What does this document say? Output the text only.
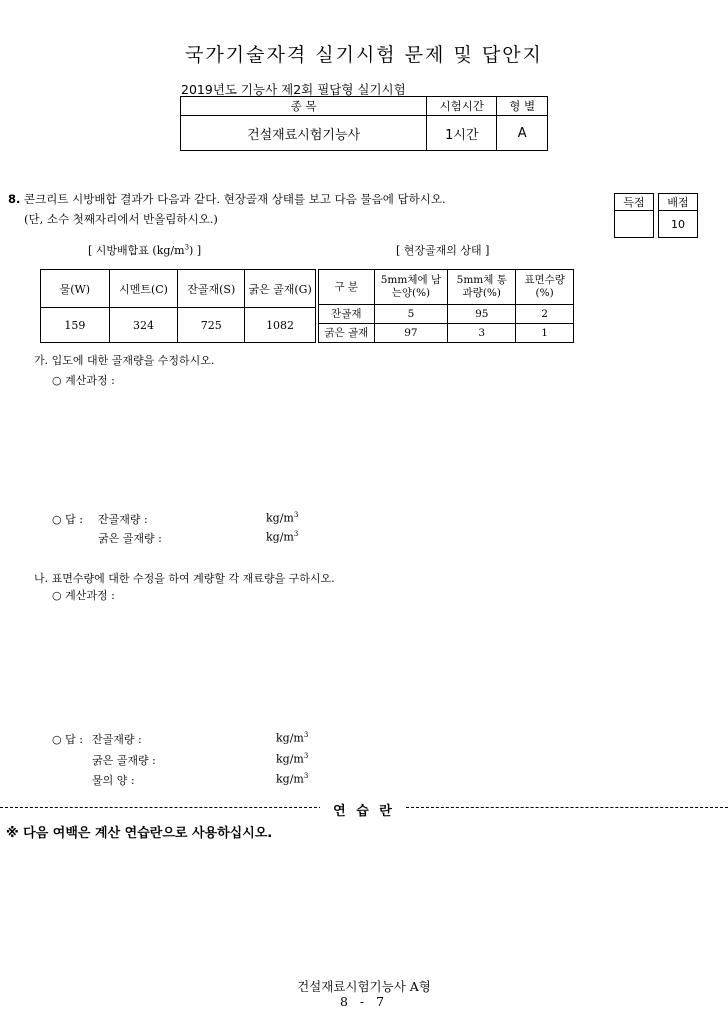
국가기술자격 실기시험 문제 및 답안지
2019년도 기능사 제2회 필답형 실기시험
종 목	시험시간	형 별
건설재료시험기능사	1시간	A
8. 콘크리트 시방배합 결과가 다음과 같다. 현장골재 상태를 보고 다음 물음에 답하시오.
(단, 소수 첫째자리에서 반올림하시오.)
득점		배점
		10
[ 시방배합표 $(kg/m^3)$ ]	[ 현장골재의 상태 ]
물(W)	시멘트(C)	잔골재(S)	굵은 골재(G)
159	324	725	1082
구 분	5mm체에 남는양(%)	5mm체 통과량(%)	표면수량(%)
잔골재	5	95	2
굵은 골재	97	3	1
가. 입도에 대한 골재량을 수정하시오.
○ 계산과정 :
○ 답 : 잔골재량 :	$kg/m^3$
굵은 골재량 :	$kg/m^3$
나. 표면수량에 대한 수정을 하여 계량할 각 재료량을 구하시오.
○ 계산과정 :
○ 답 : 잔골재량 :	$kg/m^3$
굵은 골재량 :	$kg/m^3$
물의 양 :	$kg/m^3$
연 습 란
※ 다음 여백은 계산 연습란으로 사용하십시오.
건설재료시험기능사 A형
8 - 7
